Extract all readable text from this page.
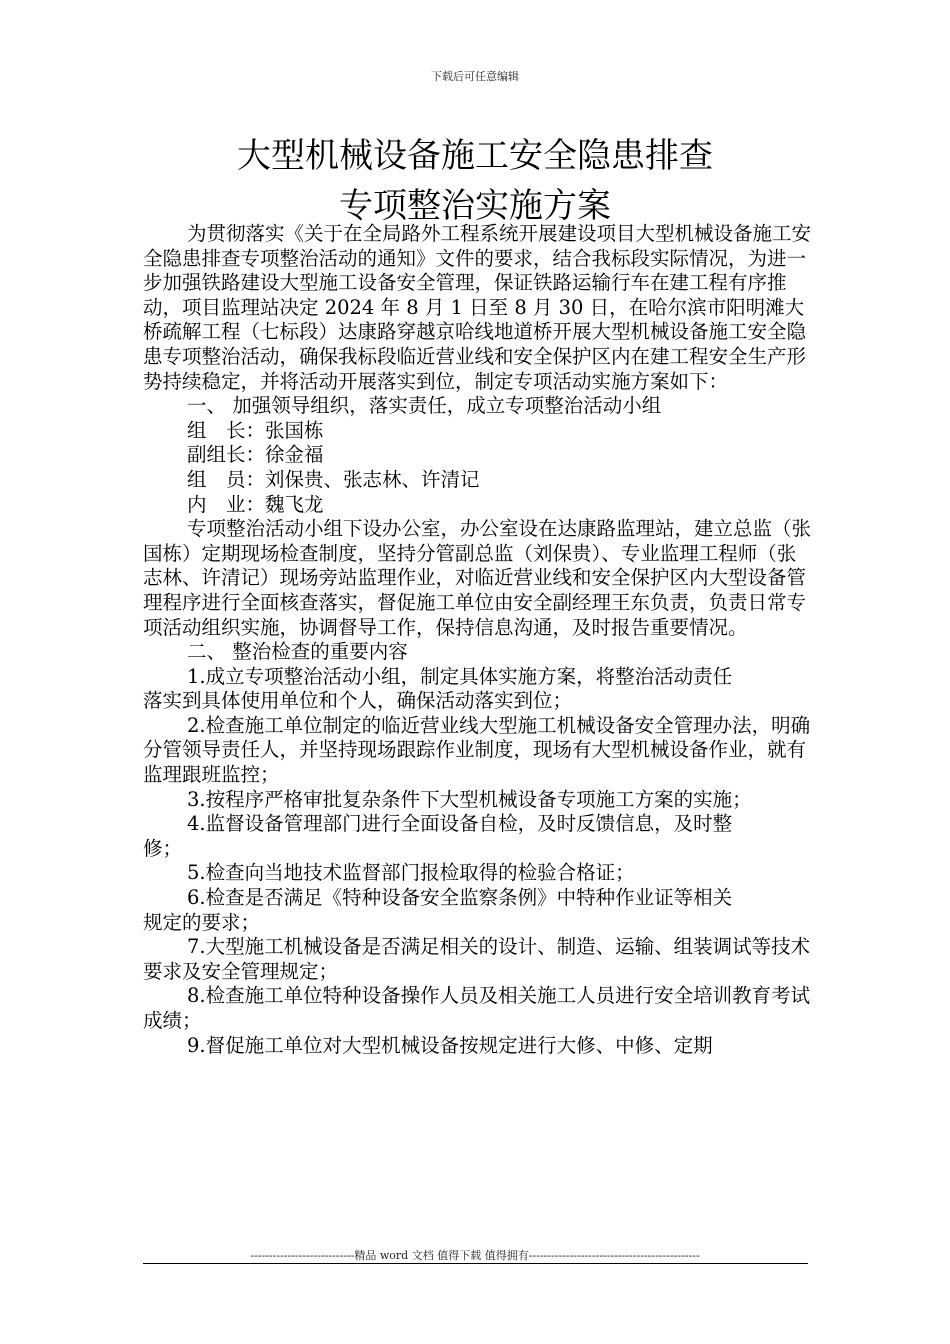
下载后可任意编辑
大型机械设备施工安全隐患排查
专项整治实施方案

为贯彻落实《关于在全局路外工程系统开展建设项目大型机械设备施工安全隐患排查专项整治活动的通知》文件的要求，结合我标段实际情况，为进一步加强铁路建设大型施工设备安全管理，保证铁路运输行车在建工程有序推动，项目监理站决定 2024 年 8 月 1 日至 8 月 30 日，在哈尔滨市阳明滩大桥疏解工程（七标段）达康路穿越京哈线地道桥开展大型机械设备施工安全隐患专项整治活动，确保我标段临近营业线和安全保护区内在建工程安全生产形势持续稳定，并将活动开展落实到位，制定专项活动实施方案如下：

一、 加强领导组织，落实责任，成立专项整治活动小组

组　长：张国栋

副组长：徐金福

组　员：刘保贵、张志林、许清记

内　业：魏飞龙

专项整治活动小组下设办公室，办公室设在达康路监理站，建立总监（张国栋）定期现场检查制度，坚持分管副总监（刘保贵）、专业监理工程师（张志林、许清记）现场旁站监理作业，对临近营业线和安全保护区内大型设备管理程序进行全面核查落实，督促施工单位由安全副经理王东负责，负责日常专项活动组织实施，协调督导工作，保持信息沟通，及时报告重要情况。

二、 整治检查的重要内容

1.成立专项整治活动小组，制定具体实施方案，将整治活动责任

落实到具体使用单位和个人，确保活动落实到位；

2.检查施工单位制定的临近营业线大型施工机械设备安全管理办法，明确分管领导责任人，并坚持现场跟踪作业制度，现场有大型机械设备作业，就有监理跟班监控；

3.按程序严格审批复杂条件下大型机械设备专项施工方案的实施；

4.监督设备管理部门进行全面设备自检，及时反馈信息，及时整

修；

5.检查向当地技术监督部门报检取得的检验合格证；

6.检查是否满足《特种设备安全监察条例》中特种作业证等相关

规定的要求；

7.大型施工机械设备是否满足相关的设计、制造、运输、组装调试等技术要求及安全管理规定；

8.检查施工单位特种设备操作人员及相关施工人员进行安全培训教育考试成绩；

9.督促施工单位对大型机械设备按规定进行大修、中修、定期

----------------------------精品 word 文档 值得下载 值得拥有----------------------------------------------
